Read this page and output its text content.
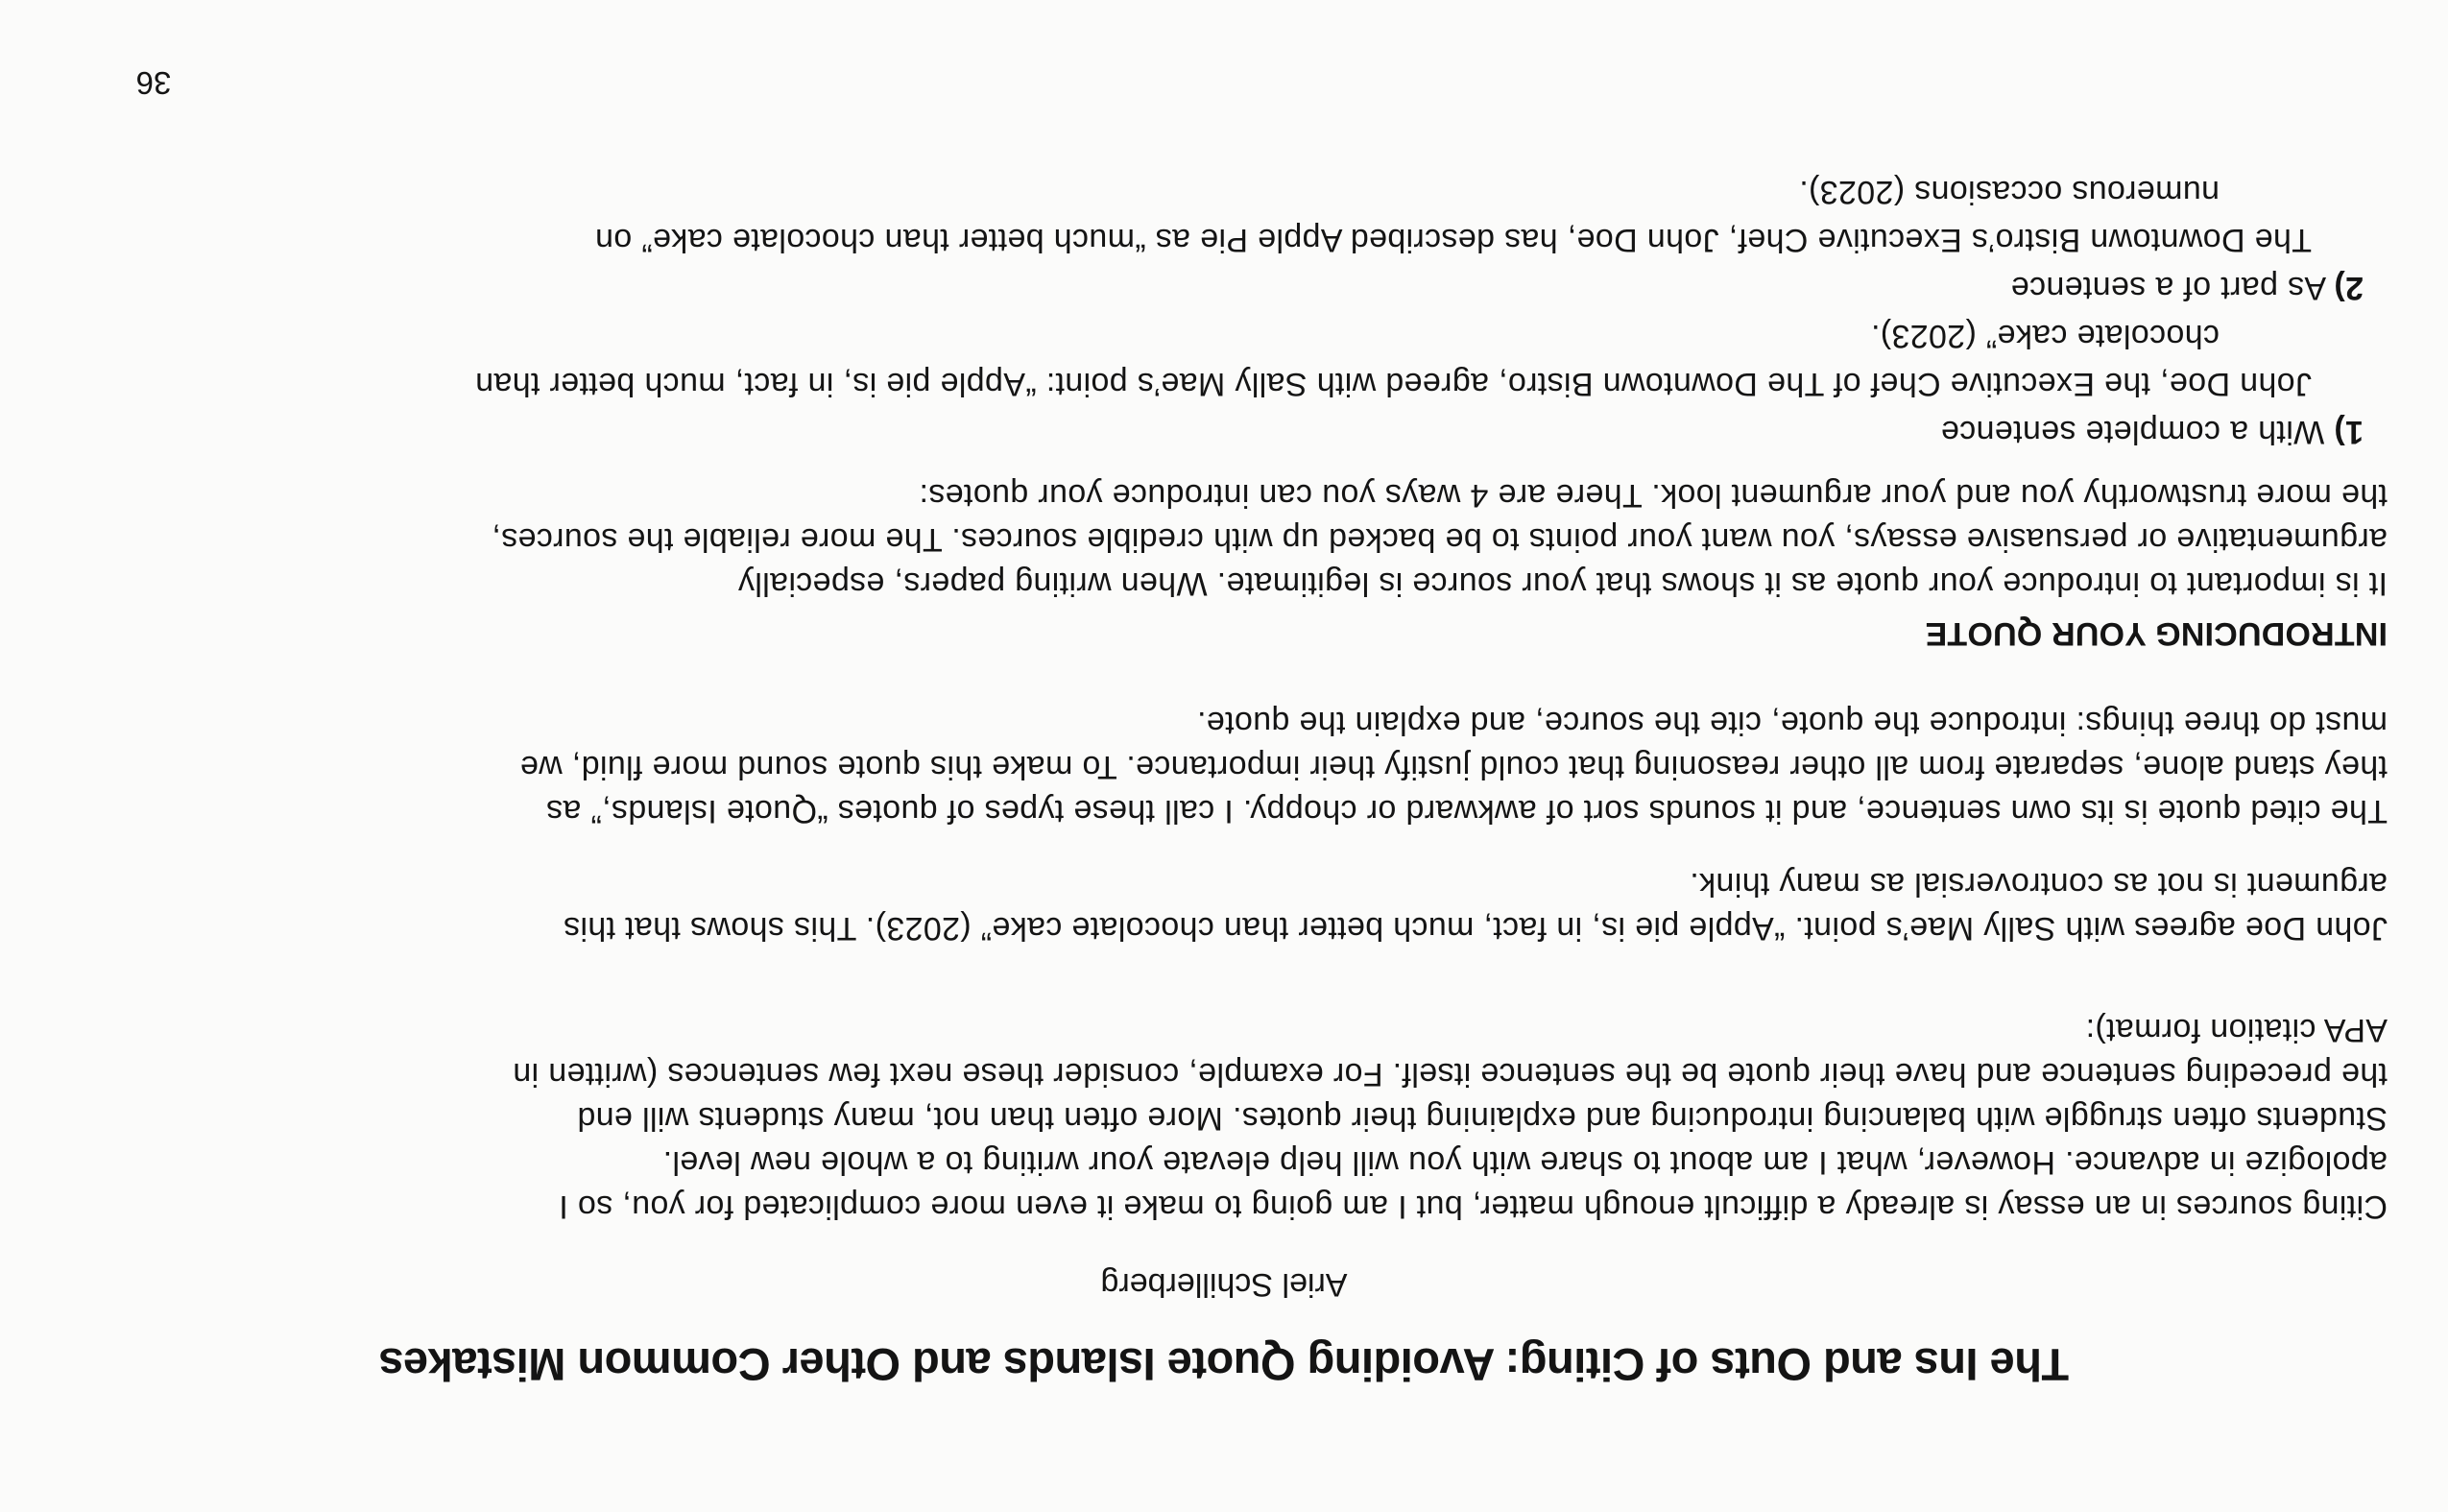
The Ins and Outs of Citing: Avoiding Quote Islands and Other Common Mistakes
Ariel Schillerberg
Citing sources in an essay is already a difficult enough matter, but I am going to make it even more complicated for you, so I
apologize in advance. However, what I am about to share with you will help elevate your writing to a whole new level.
Students often struggle with balancing introducing and explaining their quotes. More often than not, many students will end
the preceding sentence and have their quote be the sentence itself. For example, consider these next few sentences (written in
APA citation format):
John Doe agrees with Sally Mae’s point. “Apple pie is, in fact, much better than chocolate cake” (2023). This shows that this
argument is not as controversial as many think.
The cited quote is its own sentence, and it sounds sort of awkward or choppy. I call these types of quotes “Quote Islands,” as
they stand alone, separate from all other reasoning that could justify their importance. To make this quote sound more fluid, we
must do three things: introduce the quote, cite the source, and explain the quote.
INTRODUCING YOUR QUOTE
It is important to introduce your quote as it shows that your source is legitimate. When writing papers, especially
argumentative or persuasive essays, you want your points to be backed up with credible sources. The more reliable the sources,
the more trustworthy you and your argument look. There are 4 ways you can introduce your quotes:
1) With a complete sentence
John Doe, the Executive Chef of The Downtown Bistro, agreed with Sally Mae’s point: “Apple pie is, in fact, much better than
chocolate cake” (2023).
2) As part of a sentence
The Downtown Bistro’s Executive Chef, John Doe, has described Apple Pie as “much better than chocolate cake” on
numerous occasions (2023).
36
